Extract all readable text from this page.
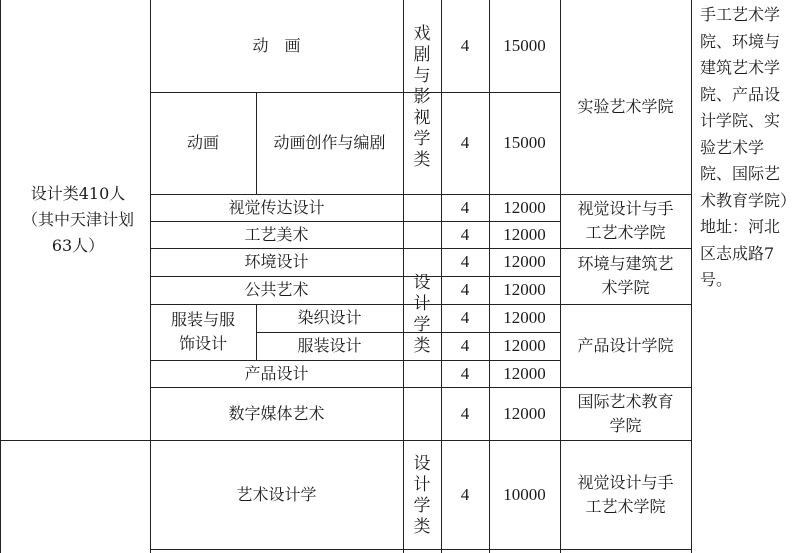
设计类410人（其中天津计划63人）
动　画
动画	动画创作与编剧
视觉传达设计
工艺美术
环境设计
公共艺术
服装与服饰设计
染织设计
服装设计
产品设计
数字媒体艺术
艺术设计学
戏剧与影视学类
设计学类
设计学类
4
4
4
4
4
4
4
4
4
4
4
15000
15000
12000
12000
12000
12000
12000
12000
12000
12000
10000
实验艺术学院
视觉设计与手工艺术学院
环境与建筑艺术学院
产品设计学院
国际艺术教育学院
视觉设计与手工艺术学院
手工艺术学院、环境与建筑艺术学院、产品设计学院、实验艺术学院、国际艺术教育学院）地址：河北区志成路7号。
